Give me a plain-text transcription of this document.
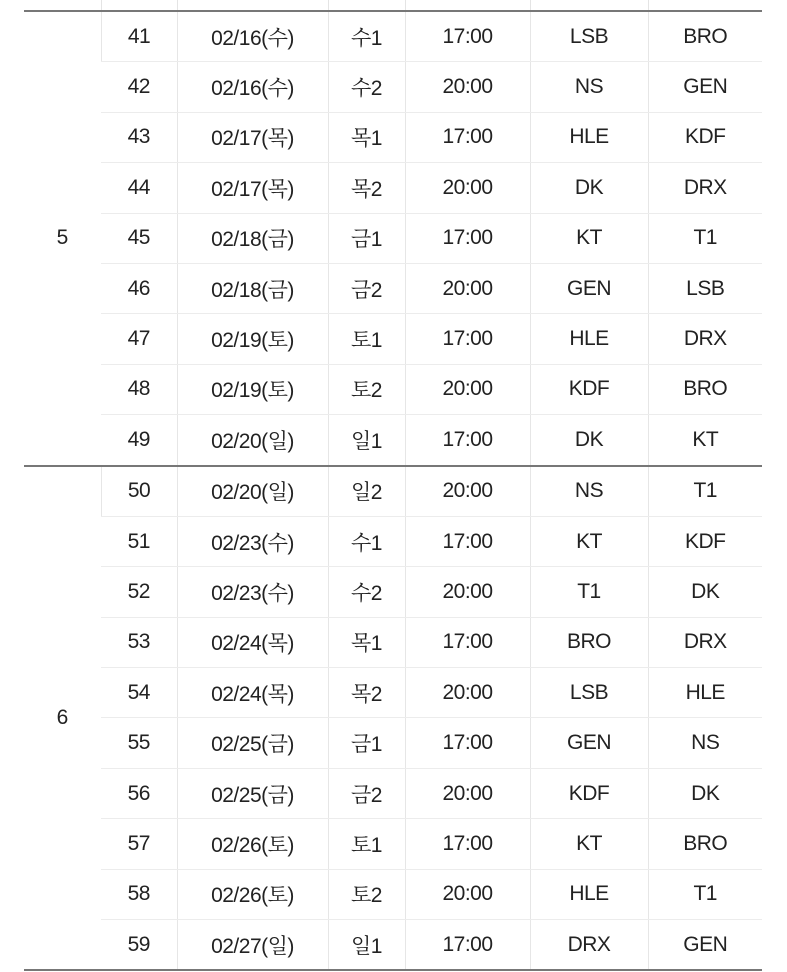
5	41	02/16(수)	수1	17:00	LSB	BRO
	42	02/16(수)	수2	20:00	NS	GEN
	43	02/17(목)	목1	17:00	HLE	KDF
	44	02/17(목)	목2	20:00	DK	DRX
	45	02/18(금)	금1	17:00	KT	T1
	46	02/18(금)	금2	20:00	GEN	LSB
	47	02/19(토)	토1	17:00	HLE	DRX
	48	02/19(토)	토2	20:00	KDF	BRO
	49	02/20(일)	일1	17:00	DK	KT
6	50	02/20(일)	일2	20:00	NS	T1
	51	02/23(수)	수1	17:00	KT	KDF
	52	02/23(수)	수2	20:00	T1	DK
	53	02/24(목)	목1	17:00	BRO	DRX
	54	02/24(목)	목2	20:00	LSB	HLE
	55	02/25(금)	금1	17:00	GEN	NS
	56	02/25(금)	금2	20:00	KDF	DK
	57	02/26(토)	토1	17:00	KT	BRO
	58	02/26(토)	토2	20:00	HLE	T1
	59	02/27(일)	일1	17:00	DRX	GEN
